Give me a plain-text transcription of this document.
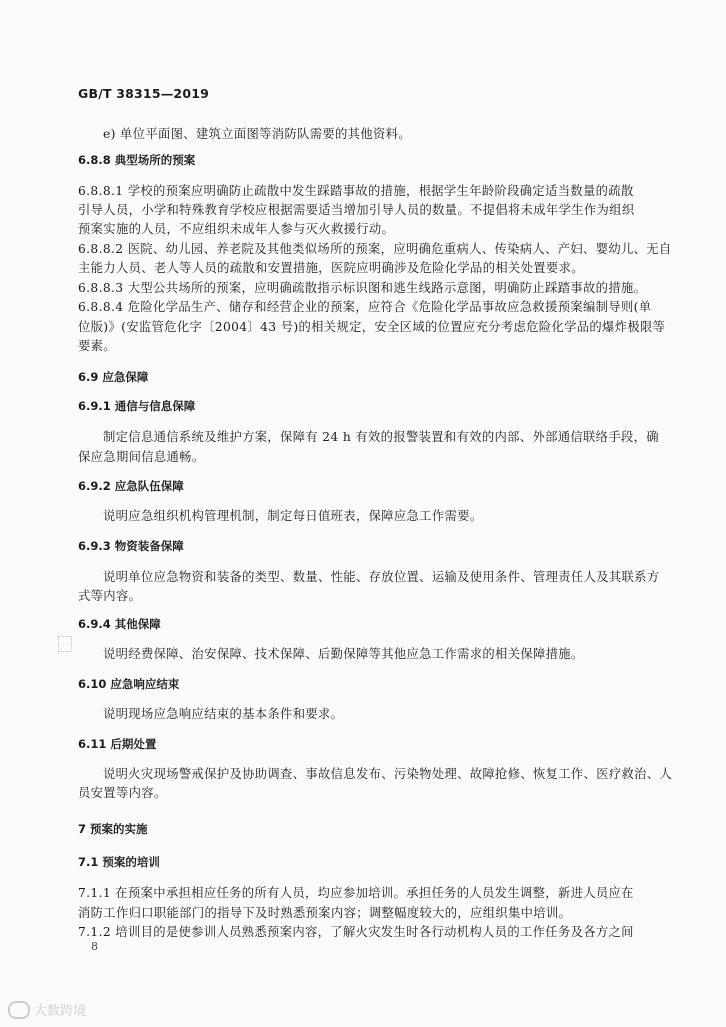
GB/T 38315—2019
e) 单位平面图、建筑立面图等消防队需要的其他资料。
6.8.8 典型场所的预案
6.8.8.1 学校的预案应明确防止疏散中发生踩踏事故的措施，根据学生年龄阶段确定适当数量的疏散
引导人员，小学和特殊教育学校应根据需要适当增加引导人员的数量。不提倡将未成年学生作为组织
预案实施的人员，不应组织未成年人参与灭火救援行动。
6.8.8.2 医院、幼儿园、养老院及其他类似场所的预案，应明确危重病人、传染病人、产妇、婴幼儿、无自
主能力人员、老人等人员的疏散和安置措施，医院应明确涉及危险化学品的相关处置要求。
6.8.8.3 大型公共场所的预案，应明确疏散指示标识图和逃生线路示意图，明确防止踩踏事故的措施。
6.8.8.4 危险化学品生产、储存和经营企业的预案，应符合《危险化学品事故应急救援预案编制导则(单
位版)》(安监管危化字〔2004〕43 号)的相关规定，安全区域的位置应充分考虑危险化学品的爆炸极限等
要素。
6.9 应急保障
6.9.1 通信与信息保障
制定信息通信系统及维护方案，保障有 24 h 有效的报警装置和有效的内部、外部通信联络手段，确
保应急期间信息通畅。
6.9.2 应急队伍保障
说明应急组织机构管理机制，制定每日值班表，保障应急工作需要。
6.9.3 物资装备保障
说明单位应急物资和装备的类型、数量、性能、存放位置、运输及使用条件、管理责任人及其联系方
式等内容。
6.9.4 其他保障
说明经费保障、治安保障、技术保障、后勤保障等其他应急工作需求的相关保障措施。
6.10 应急响应结束
说明现场应急响应结束的基本条件和要求。
6.11 后期处置
说明火灾现场警戒保护及协助调查、事故信息发布、污染物处理、故障抢修、恢复工作、医疗救治、人
员安置等内容。
7 预案的实施
7.1 预案的培训
7.1.1 在预案中承担相应任务的所有人员，均应参加培训。承担任务的人员发生调整，新进人员应在
消防工作归口职能部门的指导下及时熟悉预案内容；调整幅度较大的，应组织集中培训。
7.1.2 培训目的是使参训人员熟悉预案内容，了解火灾发生时各行动机构人员的工作任务及各方之间
8
大数跨境
